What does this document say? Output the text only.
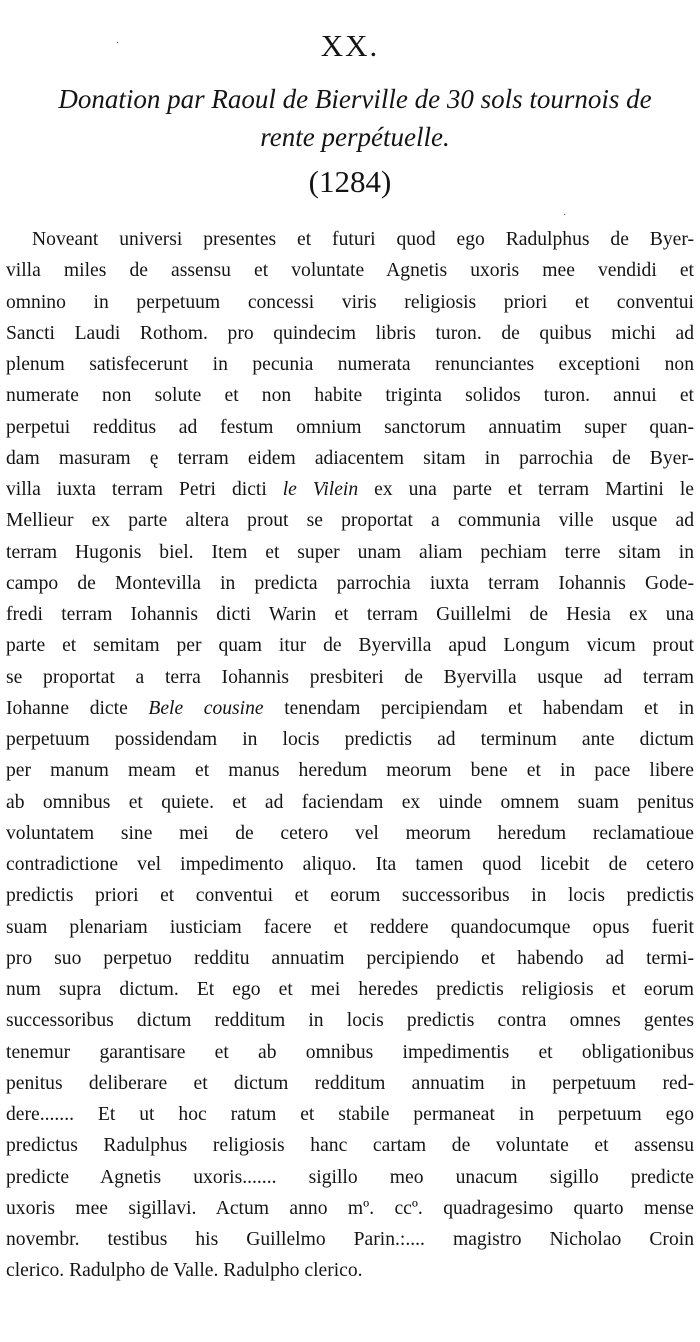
·
·
XX.
Donation par Raoul de Bierville de 30 sols tournois de
rente perpétuelle.
(1284)
Noveant universi presentes et futuri quod ego Radulphus de Byer-
villa miles de assensu et voluntate Agnetis uxoris mee vendidi et
omnino in perpetuum concessi viris religiosis priori et conventui
Sancti Laudi Rothom. pro quindecim libris turon. de quibus michi ad
plenum satisfecerunt in pecunia numerata renunciantes exceptioni non
numerate non solute et non habite triginta solidos turon. annui et
perpetui redditus ad festum omnium sanctorum annuatim super quan-
dam masuram ę terram eidem adiacentem sitam in parrochia de Byer-
villa iuxta terram Petri dicti le Vilein ex una parte et terram Martini le
Mellieur ex parte altera prout se proportat a communia ville usque ad
terram Hugonis biel. Item et super unam aliam pechiam terre sitam in
campo de Montevilla in predicta parrochia iuxta terram Iohannis Gode-
fredi terram Iohannis dicti Warin et terram Guillelmi de Hesia ex una
parte et semitam per quam itur de Byervilla apud Longum vicum prout
se proportat a terra Iohannis presbiteri de Byervilla usque ad terram
Iohanne dicte Bele cousine tenendam percipiendam et habendam et in
perpetuum possidendam in locis predictis ad terminum ante dictum
per manum meam et manus heredum meorum bene et in pace libere
ab omnibus et quiete. et ad faciendam ex uinde omnem suam penitus
voluntatem sine mei de cetero vel meorum heredum reclamatioue
contradictione vel impedimento aliquo. Ita tamen quod licebit de cetero
predictis priori et conventui et eorum successoribus in locis predictis
suam plenariam iusticiam facere et reddere quandocumque opus fuerit
pro suo perpetuo redditu annuatim percipiendo et habendo ad termi-
num supra dictum. Et ego et mei heredes predictis religiosis et eorum
successoribus dictum redditum in locis predictis contra omnes gentes
tenemur garantisare et ab omnibus impedimentis et obligationibus
penitus deliberare et dictum redditum annuatim in perpetuum red-
dere....... Et ut hoc ratum et stabile permaneat in perpetuum ego
predictus Radulphus religiosis hanc cartam de voluntate et assensu
predicte Agnetis uxoris....... sigillo meo unacum sigillo predicte
uxoris mee sigillavi. Actum anno mº. ccº. quadragesimo quarto mense
novembr. testibus his Guillelmo Parin.:.... magistro Nicholao Croin
clerico. Radulpho de Valle. Radulpho clerico.
